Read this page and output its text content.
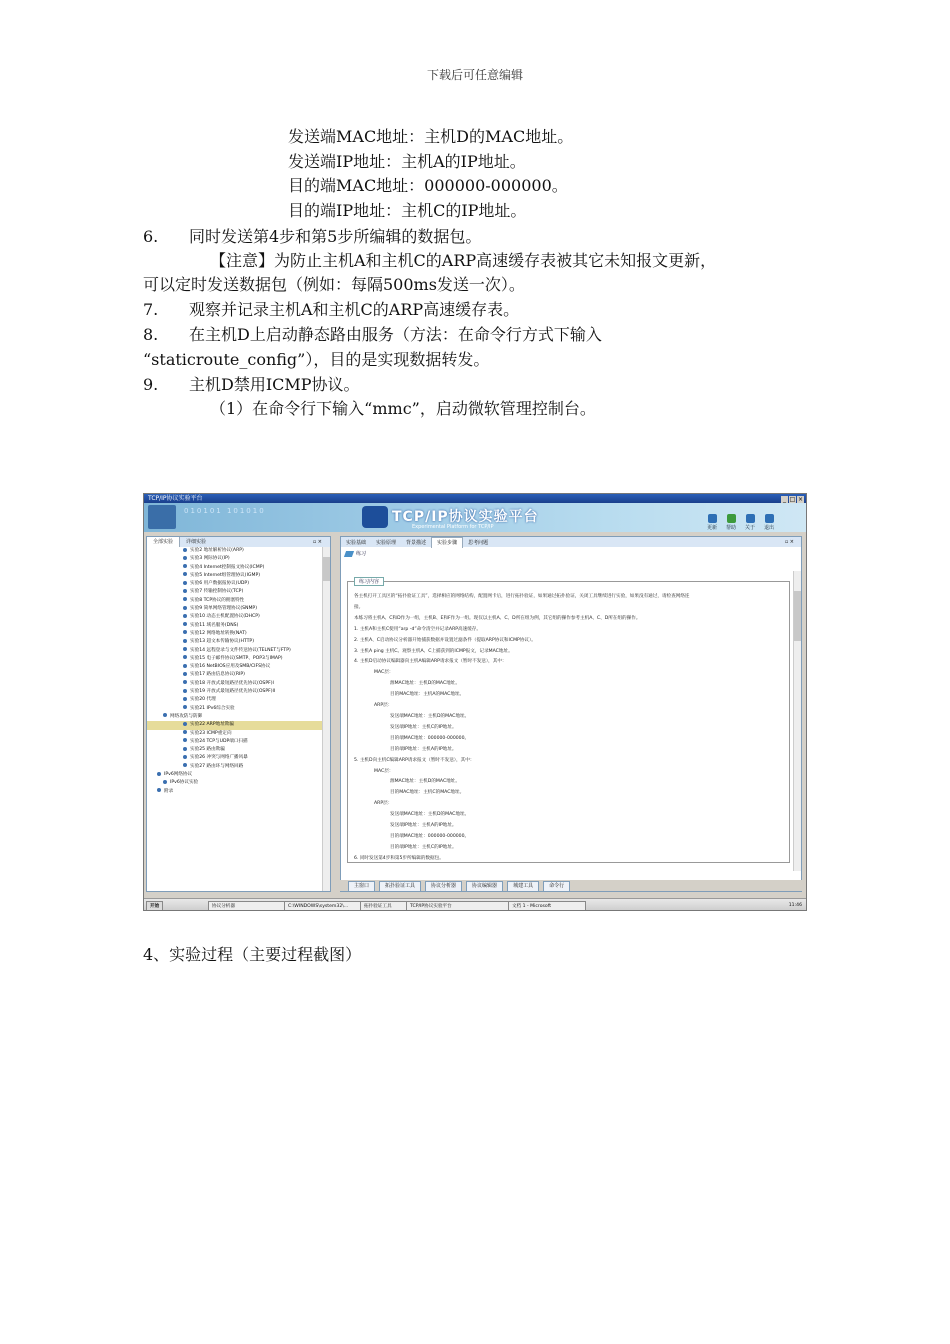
下载后可任意编辑
发送端MAC地址：主机D的MAC地址。
发送端IP地址：主机A的IP地址。
目的端MAC地址：000000-000000。
目的端IP地址：主机C的IP地址。
6. 同时发送第4步和第5步所编辑的数据包。
【注意】为防止主机A和主机C的ARP高速缓存表被其它未知报文更新，
可以定时发送数据包（例如：每隔500ms发送一次）。
7. 观察并记录主机A和主机C的ARP高速缓存表。
8. 在主机D上启动静态路由服务（方法：在命令行方式下输入
“staticroute_config”），目的是实现数据转发。
9. 主机D禁用ICMP协议。
（1）在命令行下输入“mmc”，启动微软管理控制台。
TCP/IP协议实验平台	_ □ ×
010101 101010	TCP/IP协议实验平台
Experimental Platform for TCP/IP	更新	帮助	关于	退出
全部实验	详细实验	▫ ×
实验2 地址解析协议(ARP)
实验3 网际协议(IP)
实验4 Internet控制报文协议(ICMP)
实验5 Internet组管理协议(IGMP)
实验6 用户数据报协议(UDP)
实验7 传输控制协议(TCP)
实验8 TCP协议的拥塞特性
实验9 简单网络管理协议(SNMP)
实验10 动态主机配置协议(DHCP)
实验11 域名服务(DNS)
实验12 网络地址转换(NAT)
实验13 超文本传输协议(HTTP)
实验14 远程登录与文件传送协议(TELNET与FTP)
实验15 电子邮件协议(SMTP、POP3与IMAP)
实验16 NetBIOS应用及SMB/CIFS协议
实验17 路由信息协议(RIP)
实验18 开放式最短路径优先协议(OSPF)I
实验19 开放式最短路径优先协议(OSPF)II
实验20 代理
实验21 IPv6综合实验
网络攻防与防御
实验22 ARP地址欺骗
实验23 ICMP重定向
实验24 TCP与UDP端口扫描
实验25 路由欺骗
实验26 冲突与网络广播风暴
实验27 路由环与网络回路
IPv6网络协议
IPv6协议实验
附录
实验基础 实验原理 背景描述 实验步骤 思考问题	▫ ×
练习
练习内容
各主机打开工具区的“拓扑验证工具”，选择相应的网络结构，配置网卡后，进行拓扑验证，如果通过拓扑验证，关闭工具继续进行实验，如果没有通过，请检查网络连
接。
本练习将主机A、C和D作为一组，主机B、E和F作为一组。现仅以主机A、C、D所在组为例，其它组的操作参考主机A、C、D所在组的操作。
1. 主机A和主机C使用“arp -d”命令清空并记录ARP高速缓存。
2. 主机A、C启动协议分析器开始捕获数据并设置过滤条件（提取ARP协议和ICMP协议）。
3. 主机A ping 主机C。观察主机A、C上捕获到的ICMP报文，记录MAC地址。
4. 主机D启动协议编辑器向主机A编辑ARP请求报文（暂时不发送），其中：
MAC层：
源MAC地址：主机D的MAC地址。
目的MAC地址：主机A的MAC地址。
ARP层：
发送端MAC地址：主机D的MAC地址。
发送端IP地址：主机C的IP地址。
目的端MAC地址：000000-000000。
目的端IP地址：主机A的IP地址。
5. 主机D向主机C编辑ARP请求报文（暂时不发送），其中：
MAC层：
源MAC地址：主机D的MAC地址。
目的MAC地址：主机C的MAC地址。
ARP层：
发送端MAC地址：主机D的MAC地址。
发送端IP地址：主机A的IP地址。
目的端MAC地址：000000-000000。
目的端IP地址：主机C的IP地址。
6. 同时发送第4步和第5步所编辑的数据包。
主窗口	拓扑验证工具	协议分析器	协议编辑器	城建工具	命令行
开始	协议分析器	C:\WINDOWS\system32\...	拓扑验证工具	TCP/IP协议实验平台	文档 1 - Microsoft	11:46
4、实验过程（主要过程截图）
